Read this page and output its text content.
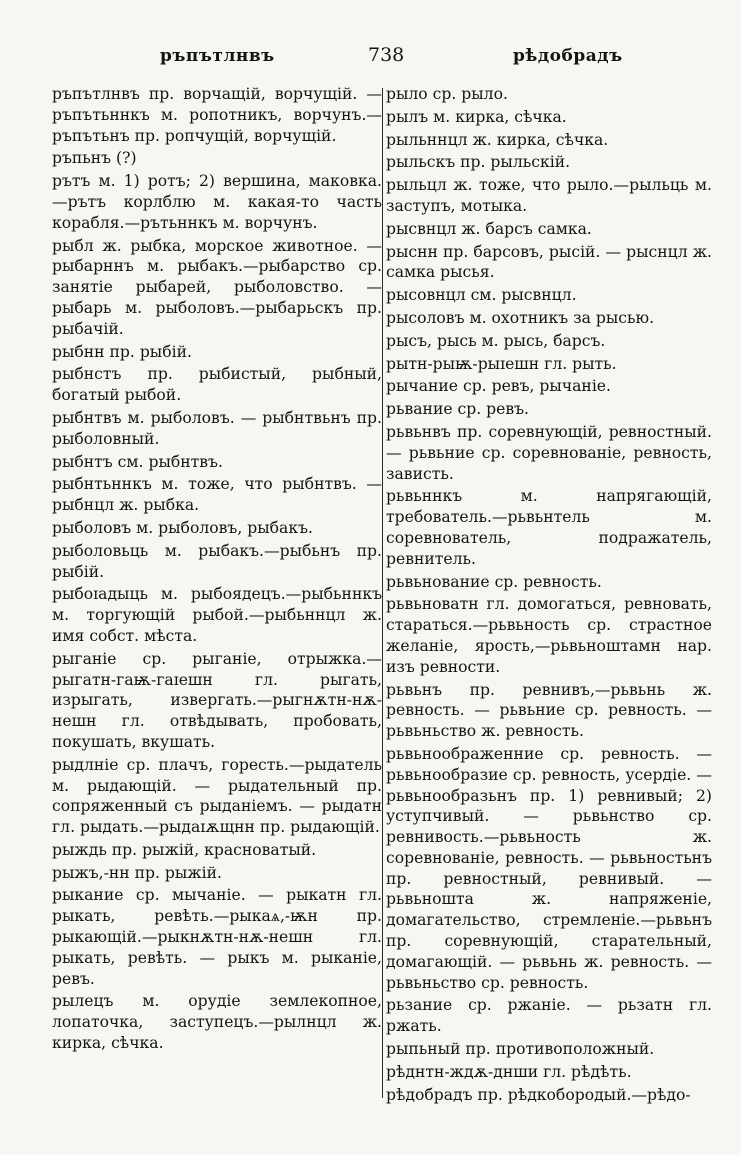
ръпътлнвъ	738	рѣдобрадъ

ръпътлнвъ пр. ворчащій, ворчущій. — ръпътьннкъ м. ропотникъ, ворчунъ.—ръпътьнъ пр. ропчущій, ворчущій.

ръпьнъ (?)

рътъ м. 1) ротъ; 2) вершина, маковка. —рътъ корлблю м. какая-то часть корабля.—рътьннкъ м. ворчунъ.

рыбл ж. рыбка, морское животное. —рыбарннъ м. рыбакъ.—рыбарство ср. занятіе рыбарей, рыболовство. —рыбарь м. рыболовъ.—рыбарьскъ пр. рыбачій.

рыбнн пр. рыбій.

рыбнстъ пр. рыбистый, рыбный, богатый рыбой.

рыбнтвъ м. рыболовъ. — рыбнтвьнъ пр. рыболовный.

рыбнтъ см. рыбнтвъ.

рыбнтьннкъ м. тоже, что рыбнтвъ. — рыбнцл ж. рыбка.

рыболовъ м. рыболовъ, рыбакъ.

рыболовьць м. рыбакъ.—рыбьнъ пр. рыбій.

рыбоɪадыць м. рыбоядецъ.—рыбьннкъ м. торгующій рыбой.—рыбьннцл ж. имя собст. мѣста.

рыганіе ср. рыганіе, отрыжка.—рыгатн-гаѭ-гаɪешн гл. рыгать, изрыгать, извергать.—рыгнѫтн-нѫ-нешн гл. отвѣдывать, пробовать, покушать, вкушать.

рыдлніе ср. плачъ, горесть.—рыдатель м. рыдающій. — рыдательный пр. сопряженный съ рыданіемъ. — рыдатн гл. рыдать.—рыдаɪѫщнн пр. рыдающій.

рыждь пр. рыжій, красноватый.

рыжъ,-нн пр. рыжій.

рыкание ср. мычаніе. — рыкатн гл. рыкать, ревѣть.—рыкаѧ,-ѭн пр. рыкающій.—рыкнѫтн-нѫ-нешн гл. рыкать, ревѣть. — рыкъ м. рыканіе, ревъ.

рылецъ м. орудіе землекопное, лопаточка, заступецъ.—рылнцл ж. кирка, сѣчка.

рыло ср. рыло.

рылъ м. кирка, сѣчка.

рыльннцл ж. кирка, сѣчка.

рыльскъ пр. рыльскій.

рыльцл ж. тоже, что рыло.—рыльць м. заступъ, мотыка.

рысвнцл ж. барсъ самка.

рыснн пр. барсовъ, рысій. — рыснцл ж. самка рысья.

рысовнцл см. рысвнцл.

рысоловъ м. охотникъ за рысью.

рысъ, рысь м. рысь, барсъ.

рытн-рыѭ-рыɪешн гл. рыть.

рычание ср. ревъ, рычаніе.

рьвание ср. ревъ.

рьвьнвъ пр. соревнующій, ревностный. — рьвьние ср. соревнованіе, ревность, зависть.

рьвьннкъ м. напрягающій, требователь.—рьвьнтель м. соревнователь, подражатель, ревнитель.

рьвьнование ср. ревность.

рьвьноватн гл. домогаться, ревновать, стараться.—рьвьность ср. страстное желаніе, ярость,—рьвьноштамн нар. изъ ревности.

рьвьнъ пр. ревнивъ,—рьвьнь ж. ревность. — рьвьние ср. ревность. — рьвьньство ж. ревность.

рьвьноображенние ср. ревность. — рьвьнообразие ср. ревность, усердіе. — рьвьнообразьнъ пр. 1) ревнивый; 2) уступчивый. — рьвьнство ср. ревнивость.—рьвьность ж. соревнованіе, ревность. — рьвьностьнъ пр. ревностный, ревнивый. —рьвьношта ж. напряженіе, домагательство, стремленіе.—рьвьнъ пр. соревнующій, старательный, домагающій. — рьвьнь ж. ревность. — рьвьньство ср. ревность.

рьзание ср. ржаніе. — рьзатн гл. ржать.

рыпьный пр. противоположный.

рѣднтн-ждѫ-днши гл. рѣдѣть.

рѣдобрадъ пр. рѣдкобородый.—рѣдо-
